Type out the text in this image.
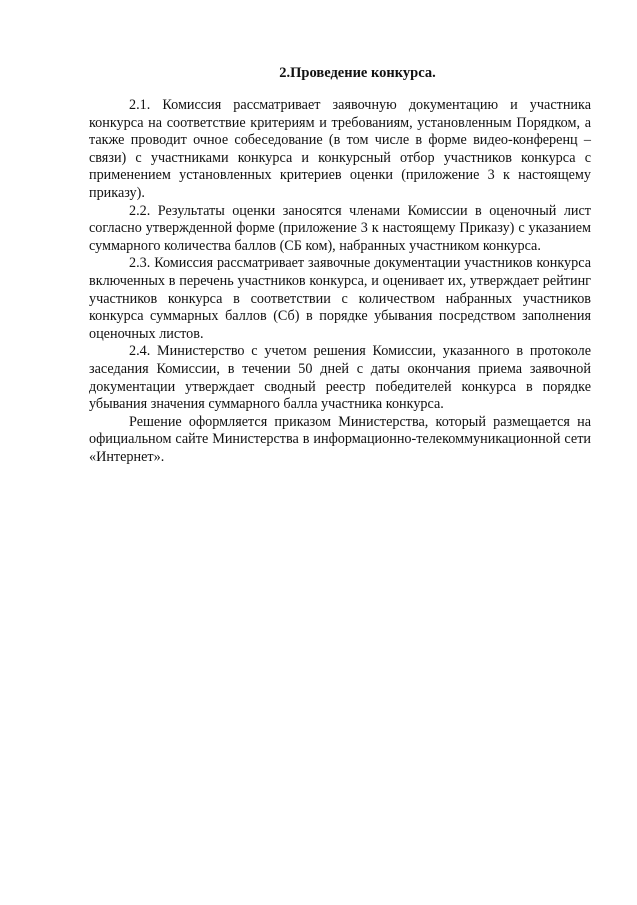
2.Проведение конкурса.

2.1. Комиссия рассматривает заявочную документацию и участника конкурса на соответствие критериям и требованиям, установленным Порядком, а также проводит очное собеседование (в том числе в форме видео-конференц – связи) с участниками конкурса и конкурсный отбор участников конкурса с применением установленных критериев оценки (приложение 3 к настоящему приказу).

2.2. Результаты оценки заносятся членами Комиссии в оценочный лист согласно утвержденной форме (приложение 3 к настоящему Приказу) с указанием суммарного количества баллов (СБ ком), набранных участником конкурса.

2.3. Комиссия рассматривает заявочные документации участников конкурса включенных в перечень участников конкурса, и оценивает их, утверждает рейтинг участников конкурса в соответствии с количеством набранных участников конкурса суммарных баллов (Сб) в порядке убывания посредством заполнения оценочных листов.

2.4. Министерство с учетом решения Комиссии, указанного в протоколе заседания Комиссии, в течении 50 дней с даты окончания приема заявочной документации утверждает сводный реестр победителей конкурса в порядке убывания значения суммарного балла участника конкурса.

Решение оформляется приказом Министерства, который размещается на официальном сайте Министерства в информационно-телекоммуникационной сети «Интернет».
